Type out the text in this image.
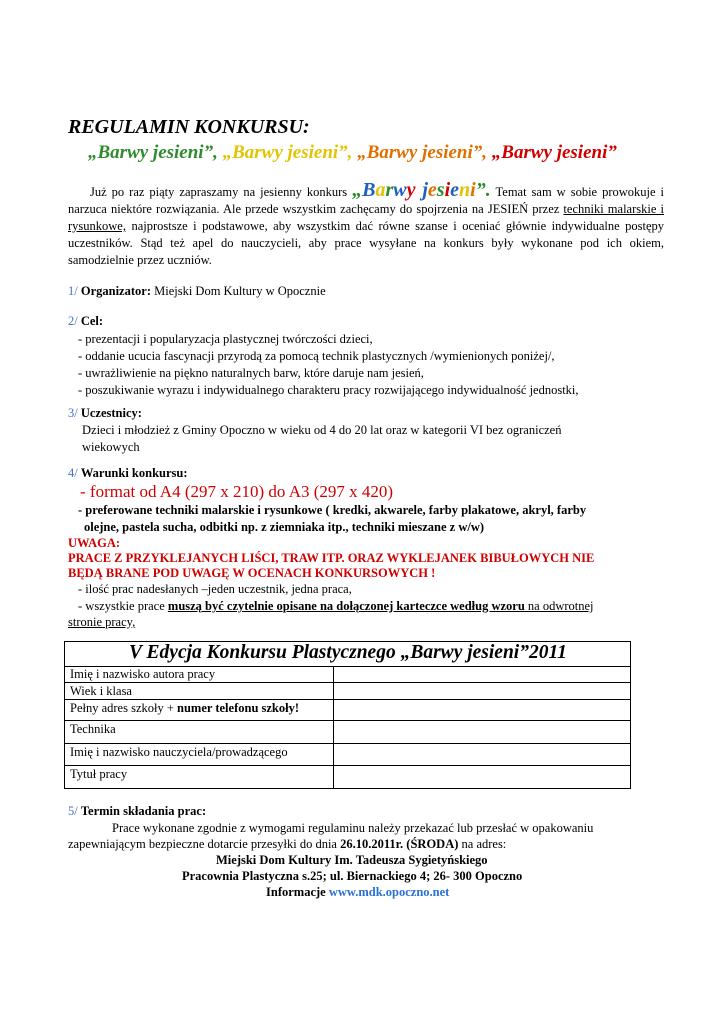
REGULAMIN KONKURSU:
„Barwy jesieni”, „Barwy jesieni”, „Barwy jesieni”, „Barwy jesieni”
Już po raz piąty zapraszamy na jesienny konkurs „Barwy jesieni”. Temat sam w sobie prowokuje i narzuca niektóre rozwiązania. Ale przede wszystkim zachęcamy do spojrzenia na JESIEŃ przez techniki malarskie i rysunkowe, najprostsze i podstawowe, aby wszystkim dać równe szanse i oceniać głównie indywidualne postępy uczestników. Stąd też apel do nauczycieli, aby prace wysyłane na konkurs były wykonane pod ich okiem, samodzielnie przez uczniów.
1/ Organizator: Miejski Dom Kultury w Opocznie
2/ Cel:
- prezentacji i popularyzacja plastycznej twórczości dzieci,
- oddanie ucucia fascynacji przyrodą za pomocą technik plastycznych /wymienionych poniżej/,
- uwrażliwienie na piękno naturalnych barw, które daruje nam jesień,
- poszukiwanie wyrazu i indywidualnego charakteru pracy rozwijającego indywidualność jednostki,
3/ Uczestnicy:
Dzieci i młodzież z Gminy Opoczno w wieku od 4 do 20 lat oraz w kategorii VI bez ograniczeń
wiekowych
4/ Warunki konkursu:
- format od A4 (297 x 210) do A3 (297 x 420)
- preferowane techniki malarskie i rysunkowe ( kredki, akwarele, farby plakatowe, akryl, farby
olejne, pastela sucha, odbitki np. z ziemniaka itp., techniki mieszane z w/w)
UWAGA:
PRACE Z PRZYKLEJANYCH LIŚCI, TRAW ITP. ORAZ WYKLEJANEK BIBUŁOWYCH NIE
BĘDĄ BRANE POD UWAGĘ W OCENACH KONKURSOWYCH !
- ilość prac nadesłanych –jeden uczestnik, jedna praca,
- wszystkie prace muszą być czytelnie opisane na dołączonej karteczce według wzoru na odwrotnej
stronie pracy,
V Edycja Konkursu Plastycznego „Barwy jesieni”2011
Imię i nazwisko autora pracy
Wiek i klasa
Pełny adres szkoły + numer telefonu szkoły!
Technika
Imię i nazwisko nauczyciela/prowadzącego
Tytuł pracy
5/ Termin składania prac:
Prace wykonane zgodnie z wymogami regulaminu należy przekazać lub przesłać w opakowaniu
zapewniającym bezpieczne dotarcie przesyłki do dnia 26.10.2011r. (ŚRODA) na adres:
Miejski Dom Kultury Im. Tadeusza Sygietyńskiego
Pracownia Plastyczna s.25; ul. Biernackiego 4; 26- 300 Opoczno
Informacje www.mdk.opoczno.net
